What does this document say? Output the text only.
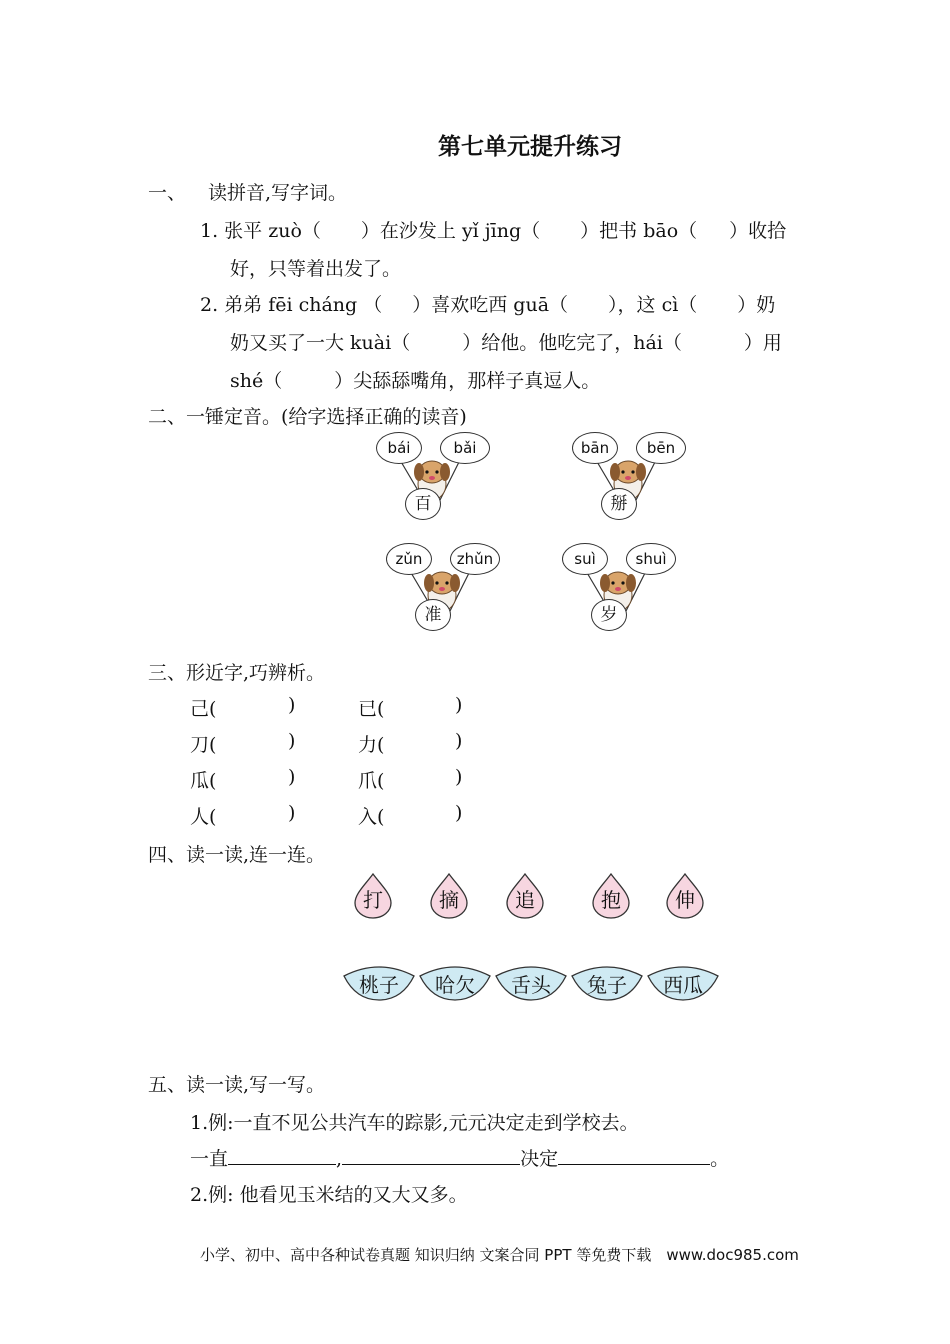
第七单元提升练习
一、 读拼音,写字词。
1. 张平 zuò（ ）在沙发上 yǐ jīng（ ）把书 bāo（ ）收拾
好，只等着出发了。
2. 弟弟 fēi cháng （ ）喜欢吃西 guā（ ），这 cì（ ）奶
奶又买了一大 kuài（	）给他。他吃完了，hái（	）用
shé（	）尖舔舔嘴角，那样子真逗人。
二、一锤定音。(给字选择正确的读音)
bái	bǎi
百
bān	bēn
掰
zǔn	zhǔn
准
suì	shuì
岁
三、形近字,巧辨析。
己(	)	已(	)
刀(	)	力(	)
瓜(	)	爪(	)
人(	)	入(	)
四、读一读,连一连。
打	摘	追	抱	伸
桃子	哈欠	舌头	兔子	西瓜
五、读一读,写一写。
1.例:一直不见公共汽车的踪影,元元决定走到学校去。
一直	,	决定	。
2.例: 他看见玉米结的又大又多。
小学、初中、高中各种试卷真题 知识归纳 文案合同 PPT 等免费下载　www.doc985.com
